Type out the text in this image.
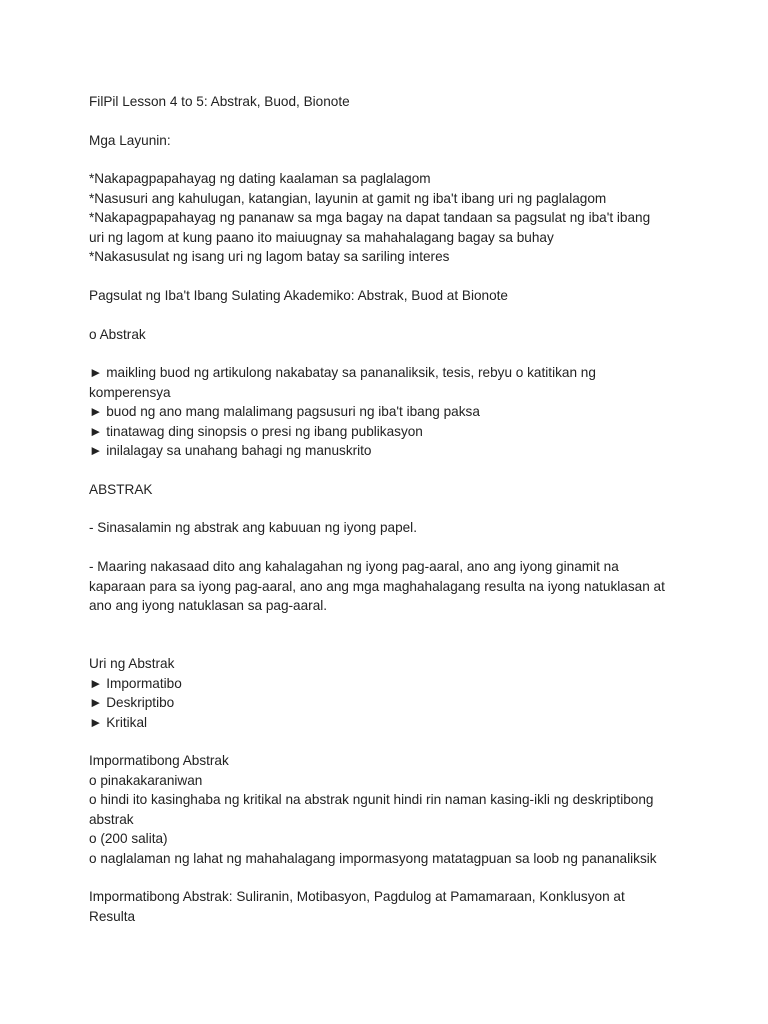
FilPil Lesson 4 to 5: Abstrak, Buod, Bionote

Mga Layunin:

*Nakapagpapahayag ng dating kaalaman sa paglalagom

*Nasusuri ang kahulugan, katangian, layunin at gamit ng iba't ibang uri ng paglalagom

*Nakapagpapahayag ng pananaw sa mga bagay na dapat tandaan sa pagsulat ng iba't ibang

uri ng lagom at kung paano ito maiuugnay sa mahahalagang bagay sa buhay

*Nakasusulat ng isang uri ng lagom batay sa sariling interes

Pagsulat ng Iba't Ibang Sulating Akademiko: Abstrak, Buod at Bionote

o Abstrak

► maikling buod ng artikulong nakabatay sa pananaliksik, tesis, rebyu o katitikan ng

komperensya

► buod ng ano mang malalimang pagsusuri ng iba't ibang paksa

► tinatawag ding sinopsis o presi ng ibang publikasyon

► inilalagay sa unahang bahagi ng manuskrito

ABSTRAK

- Sinasalamin ng abstrak ang kabuuan ng iyong papel.

- Maaring nakasaad dito ang kahalagahan ng iyong pag-aaral, ano ang iyong ginamit na

kaparaan para sa iyong pag-aaral, ano ang mga maghahalagang resulta na iyong natuklasan at

ano ang iyong natuklasan sa pag-aaral.

Uri ng Abstrak

► Impormatibo

► Deskriptibo

► Kritikal

Impormatibong Abstrak

o pinakakaraniwan

o hindi ito kasinghaba ng kritikal na abstrak ngunit hindi rin naman kasing-ikli ng deskriptibong

abstrak

o (200 salita)

o naglalaman ng lahat ng mahahalagang impormasyong matatagpuan sa loob ng pananaliksik

Impormatibong Abstrak: Suliranin, Motibasyon, Pagdulog at Pamamaraan, Konklusyon at

Resulta
